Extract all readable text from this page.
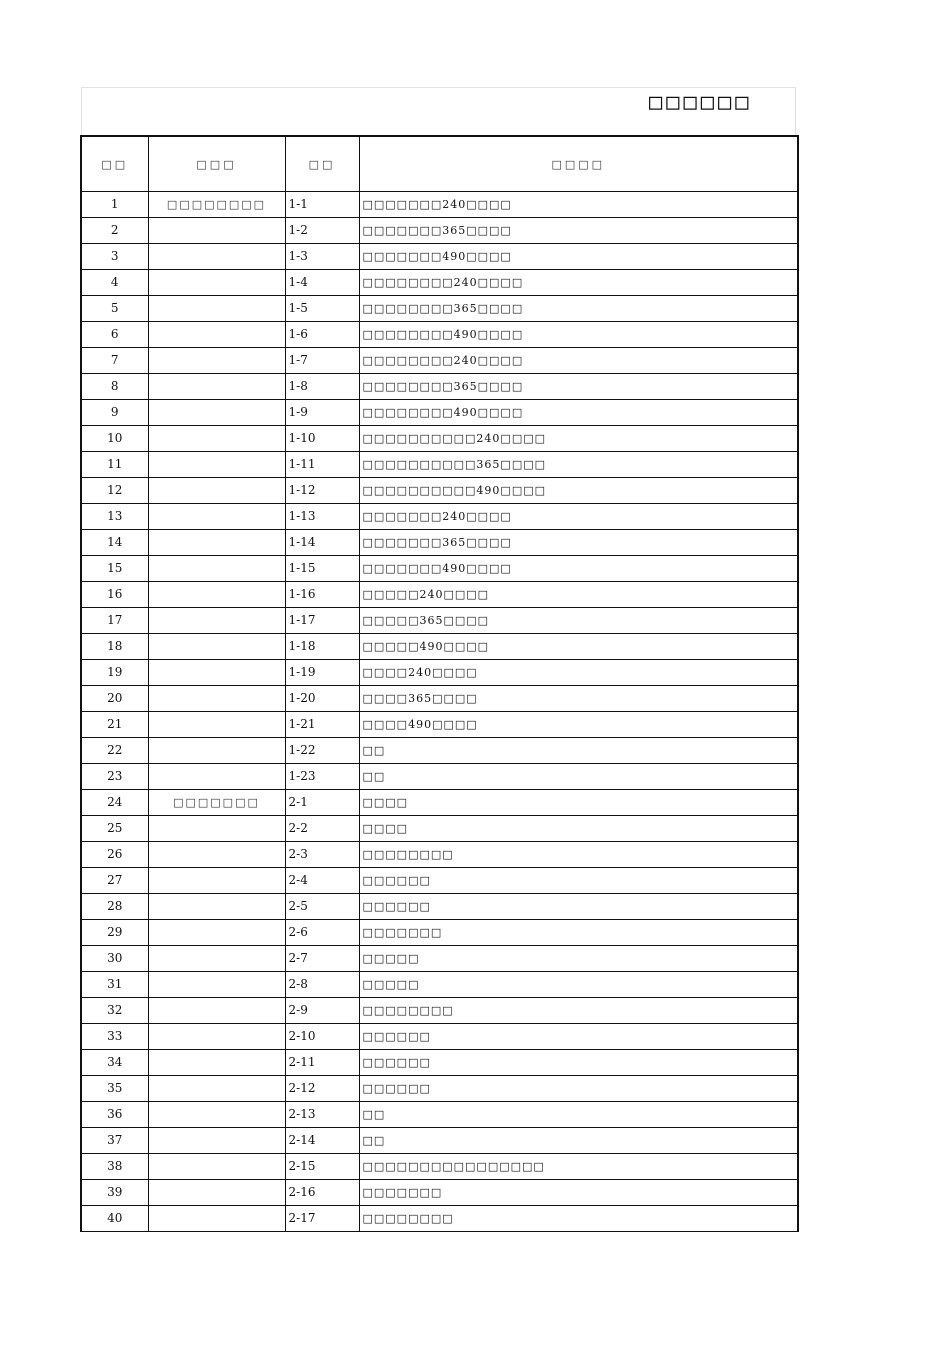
□□□□□□
□□	□□□	□□	□□□□
1	□□□□□□□□	1-1	□□□□□□□240□□□□
2		1-2	□□□□□□□365□□□□
3		1-3	□□□□□□□490□□□□
4		1-4	□□□□□□□□240□□□□
5		1-5	□□□□□□□□365□□□□
6		1-6	□□□□□□□□490□□□□
7		1-7	□□□□□□□□240□□□□
8		1-8	□□□□□□□□365□□□□
9		1-9	□□□□□□□□490□□□□
10		1-10	□□□□□□□□□□240□□□□
11		1-11	□□□□□□□□□□365□□□□
12		1-12	□□□□□□□□□□490□□□□
13		1-13	□□□□□□□240□□□□
14		1-14	□□□□□□□365□□□□
15		1-15	□□□□□□□490□□□□
16		1-16	□□□□□240□□□□
17		1-17	□□□□□365□□□□
18		1-18	□□□□□490□□□□
19		1-19	□□□□240□□□□
20		1-20	□□□□365□□□□
21		1-21	□□□□490□□□□
22		1-22	□□
23		1-23	□□
24	□□□□□□□	2-1	□□□□
25		2-2	□□□□
26		2-3	□□□□□□□□
27		2-4	□□□□□□
28		2-5	□□□□□□
29		2-6	□□□□□□□
30		2-7	□□□□□
31		2-8	□□□□□
32		2-9	□□□□□□□□
33		2-10	□□□□□□
34		2-11	□□□□□□
35		2-12	□□□□□□
36		2-13	□□
37		2-14	□□
38		2-15	□□□□□□□□□□□□□□□□
39		2-16	□□□□□□□
40		2-17	□□□□□□□□
